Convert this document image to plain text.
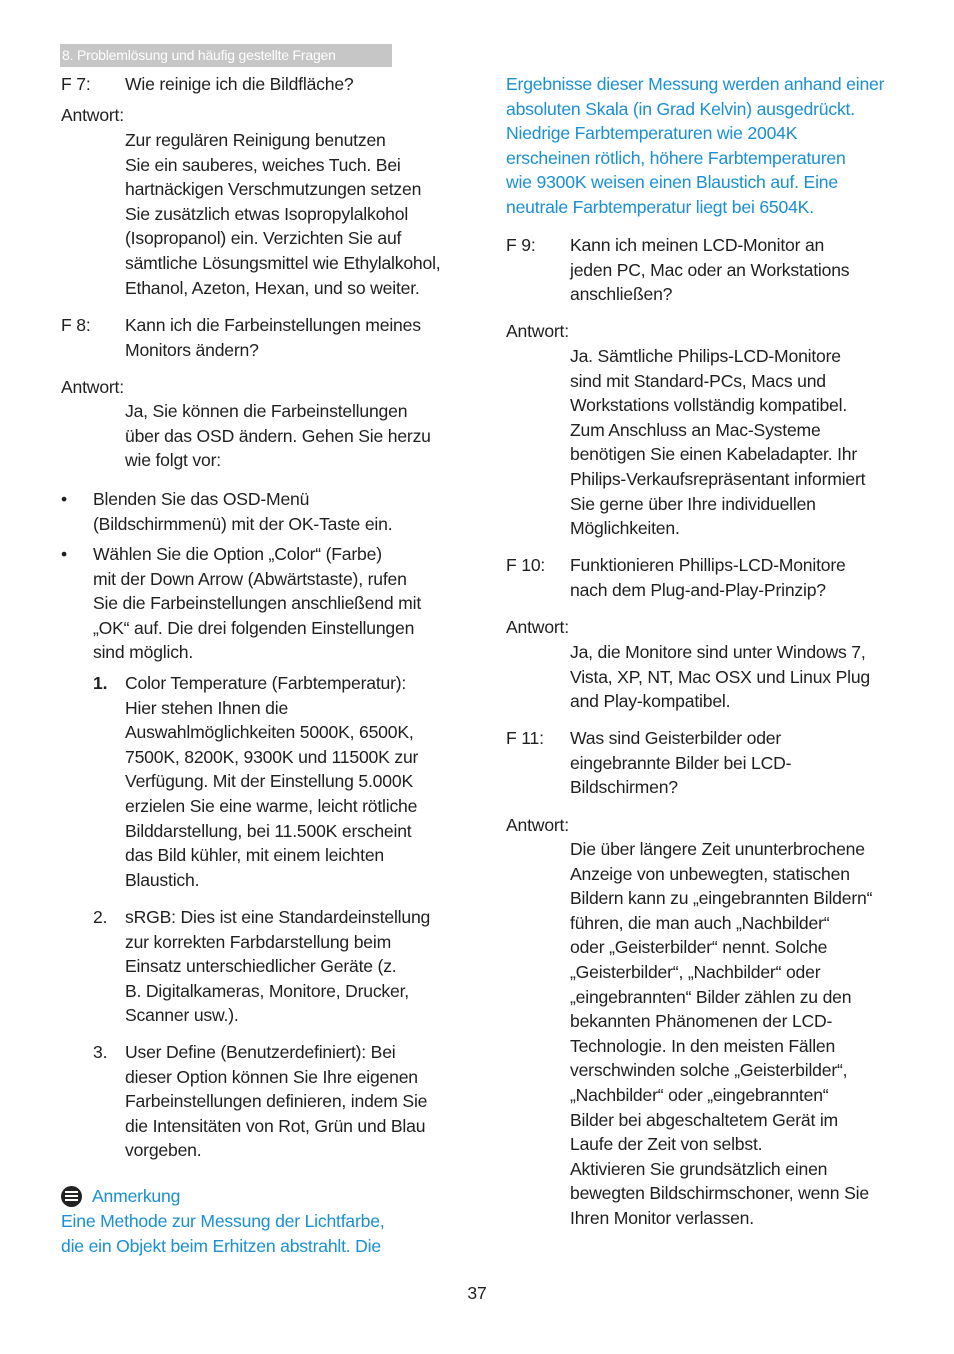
8. Problemlösung und häufig gestellte Fragen
F 7: Wie reinige ich die Bildfläche?
Antwort:
Zur regulären Reinigung benutzen
Sie ein sauberes, weiches Tuch. Bei
hartnäckigen Verschmutzungen setzen
Sie zusätzlich etwas Isopropylalkohol
(Isopropanol) ein. Verzichten Sie auf
sämtliche Lösungsmittel wie Ethylalkohol,
Ethanol, Azeton, Hexan, und so weiter.
F 8: Kann ich die Farbeinstellungen meines
Monitors ändern?
Antwort:
Ja, Sie können die Farbeinstellungen
über das OSD ändern. Gehen Sie herzu
wie folgt vor:
• Blenden Sie das OSD-Menü
(Bildschirmmenü) mit der OK-Taste ein.
• Wählen Sie die Option „Color“ (Farbe)
mit der Down Arrow (Abwärtstaste), rufen
Sie die Farbeinstellungen anschließend mit
„OK“ auf. Die drei folgenden Einstellungen
sind möglich.
1. Color Temperature (Farbtemperatur):
Hier stehen Ihnen die
Auswahlmöglichkeiten 5000K, 6500K,
7500K, 8200K, 9300K und 11500K zur
Verfügung. Mit der Einstellung 5.000K
erzielen Sie eine warme, leicht rötliche
Bilddarstellung, bei 11.500K erscheint
das Bild kühler, mit einem leichten
Blaustich.
2. sRGB: Dies ist eine Standardeinstellung
zur korrekten Farbdarstellung beim
Einsatz unterschiedlicher Geräte (z.
B. Digitalkameras, Monitore, Drucker,
Scanner usw.).
3. User Define (Benutzerdefiniert): Bei
dieser Option können Sie Ihre eigenen
Farbeinstellungen definieren, indem Sie
die Intensitäten von Rot, Grün und Blau
vorgeben.
Anmerkung
Eine Methode zur Messung der Lichtfarbe,
die ein Objekt beim Erhitzen abstrahlt. Die
Ergebnisse dieser Messung werden anhand einer
absoluten Skala (in Grad Kelvin) ausgedrückt.
Niedrige Farbtemperaturen wie 2004K
erscheinen rötlich, höhere Farbtemperaturen
wie 9300K weisen einen Blaustich auf. Eine
neutrale Farbtemperatur liegt bei 6504K.
F 9: Kann ich meinen LCD-Monitor an
jeden PC, Mac oder an Workstations
anschließen?
Antwort:
Ja. Sämtliche Philips-LCD-Monitore
sind mit Standard-PCs, Macs und
Workstations vollständig kompatibel.
Zum Anschluss an Mac-Systeme
benötigen Sie einen Kabeladapter. Ihr
Philips-Verkaufsrepräsentant informiert
Sie gerne über Ihre individuellen
Möglichkeiten.
F 10: Funktionieren Phillips-LCD-Monitore
nach dem Plug-and-Play-Prinzip?
Antwort:
Ja, die Monitore sind unter Windows 7,
Vista, XP, NT, Mac OSX und Linux Plug
and Play-kompatibel.
F 11: Was sind Geisterbilder oder
eingebrannte Bilder bei LCD-
Bildschirmen?
Antwort:
Die über längere Zeit ununterbrochene
Anzeige von unbewegten, statischen
Bildern kann zu „eingebrannten Bildern“
führen, die man auch „Nachbilder“
oder „Geisterbilder“ nennt. Solche
„Geisterbilder“, „Nachbilder“ oder
„eingebrannten“ Bilder zählen zu den
bekannten Phänomenen der LCD-
Technologie. In den meisten Fällen
verschwinden solche „Geisterbilder“,
„Nachbilder“ oder „eingebrannten“
Bilder bei abgeschaltetem Gerät im
Laufe der Zeit von selbst.
Aktivieren Sie grundsätzlich einen
bewegten Bildschirmschoner, wenn Sie
Ihren Monitor verlassen.
37
